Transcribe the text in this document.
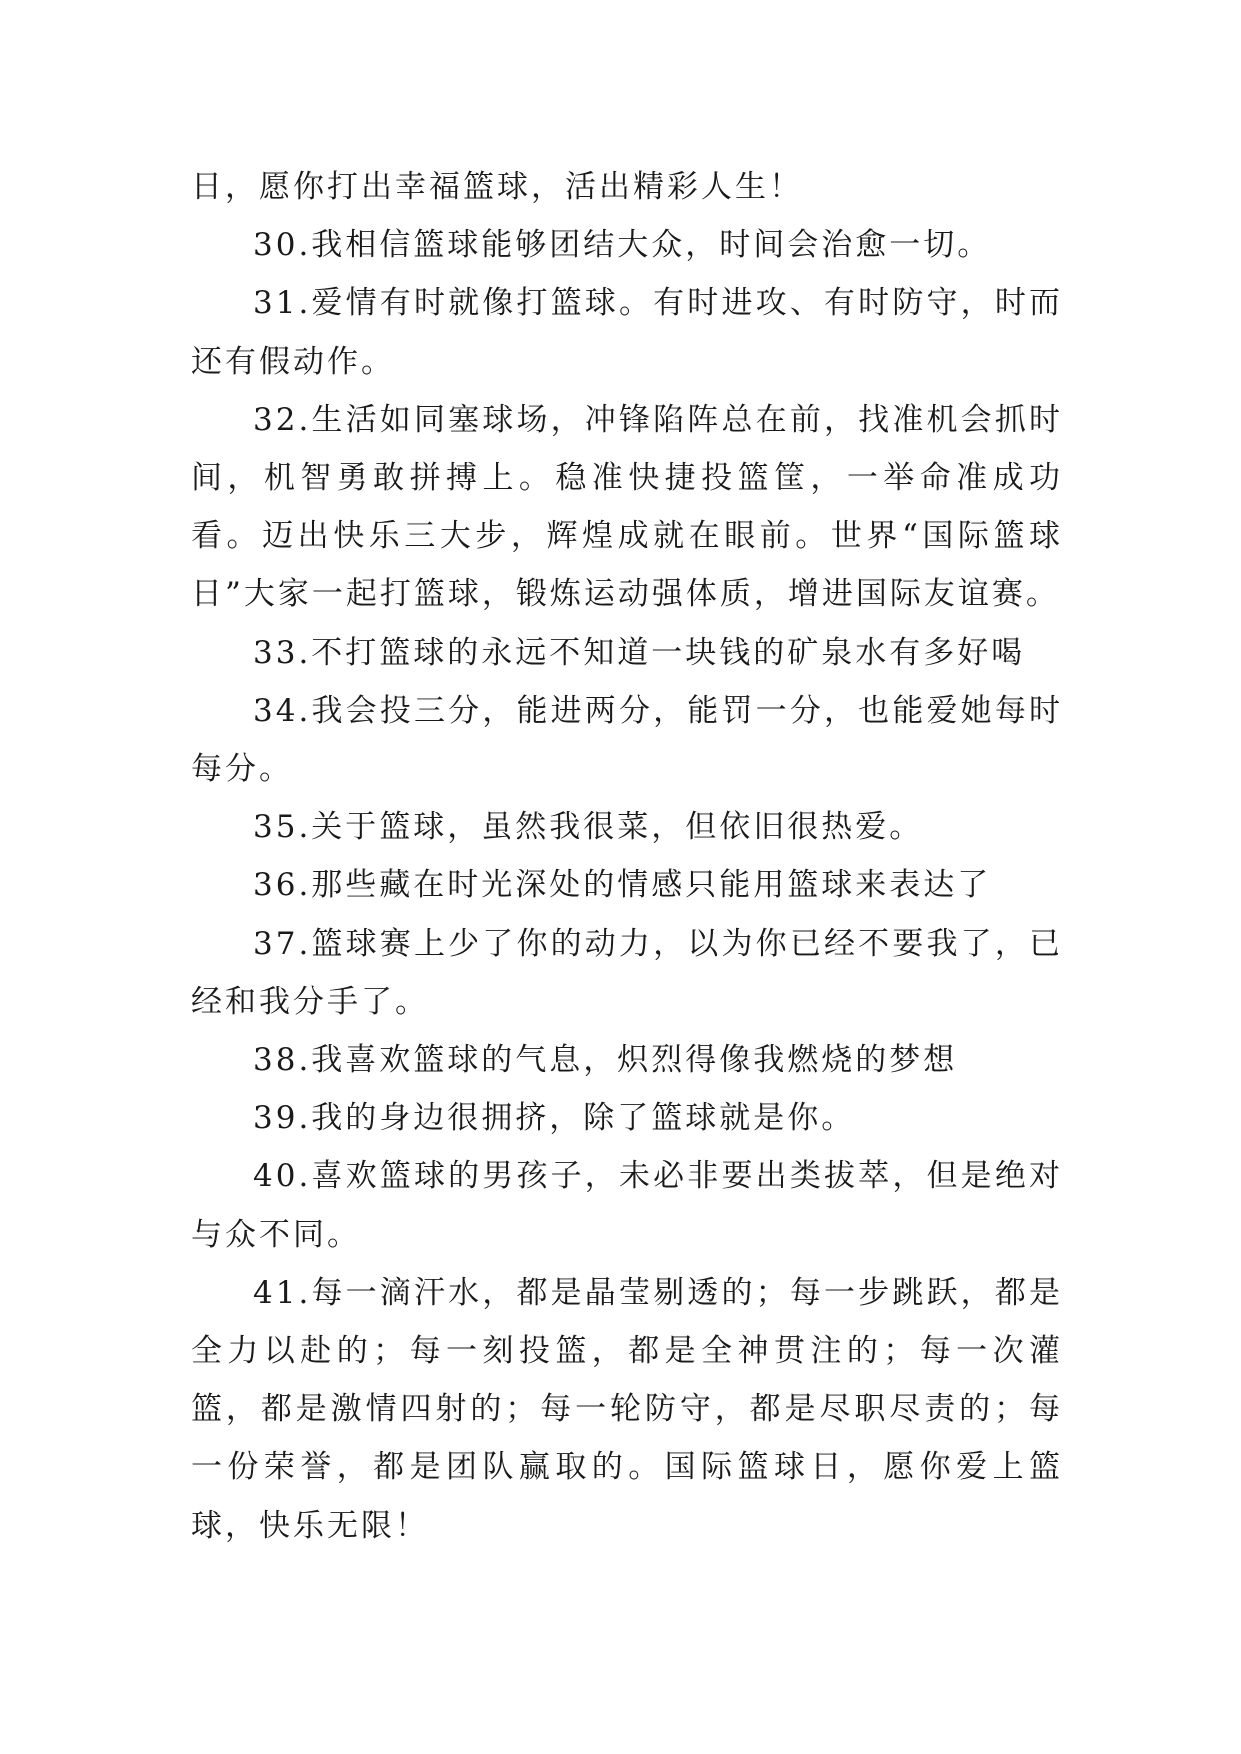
日，愿你打出幸福篮球，活出精彩人生！

30.我相信篮球能够团结大众，时间会治愈一切。

31.爱情有时就像打篮球。有时进攻、有时防守，时而还有假动作。

32.生活如同塞球场，冲锋陷阵总在前，找准机会抓时间，机智勇敢拼搏上。稳准快捷投篮筐，一举命准成功看。迈出快乐三大步，辉煌成就在眼前。世界“国际篮球日”大家一起打篮球，锻炼运动强体质，增进国际友谊赛。

33.不打篮球的永远不知道一块钱的矿泉水有多好喝

34.我会投三分，能进两分，能罚一分，也能爱她每时每分。

35.关于篮球，虽然我很菜，但依旧很热爱。

36.那些藏在时光深处的情感只能用篮球来表达了

37.篮球赛上少了你的动力，以为你已经不要我了，已经和我分手了。

38.我喜欢篮球的气息，炽烈得像我燃烧的梦想

39.我的身边很拥挤，除了篮球就是你。

40.喜欢篮球的男孩子，未必非要出类拔萃，但是绝对与众不同。

41.每一滴汗水，都是晶莹剔透的；每一步跳跃，都是全力以赴的；每一刻投篮，都是全神贯注的；每一次灌篮，都是激情四射的；每一轮防守，都是尽职尽责的；每一份荣誉，都是团队赢取的。国际篮球日，愿你爱上篮球，快乐无限！
